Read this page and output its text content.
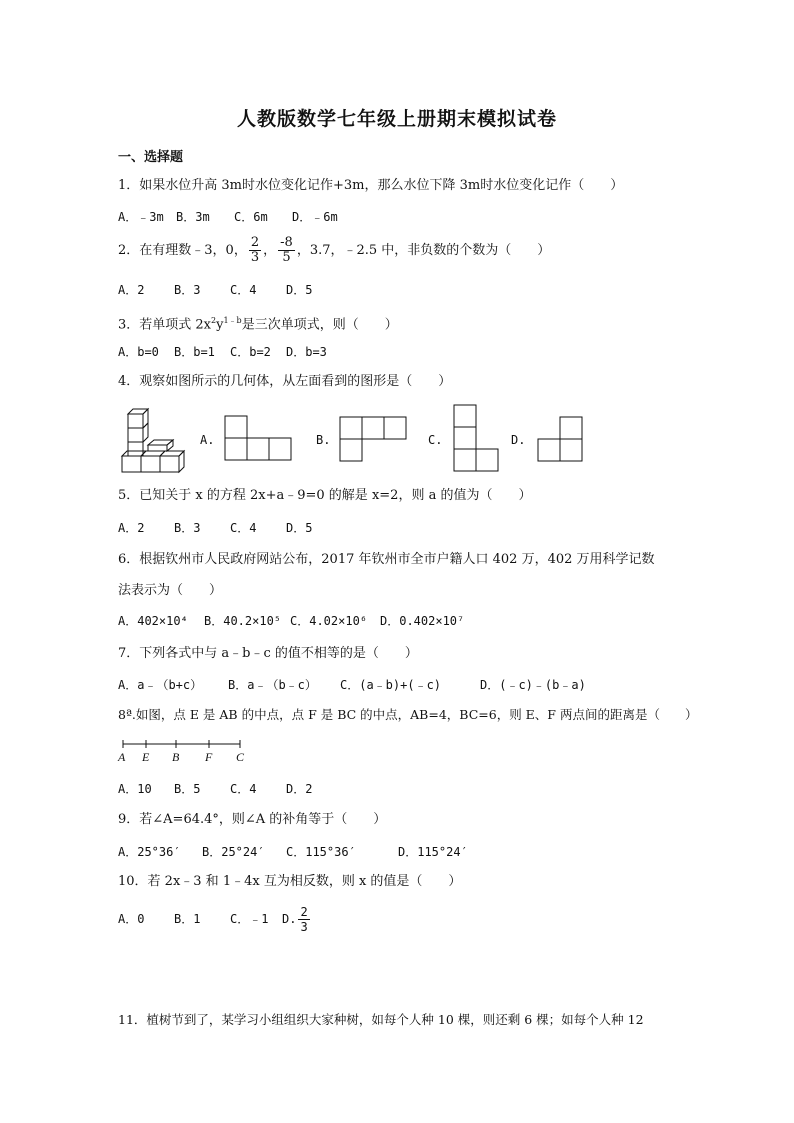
人教版数学七年级上册期末模拟试卷
一、选择题
1．如果水位升高 3m时水位变化记作+3m，那么水位下降 3m时水位变化记作（　　）
A．﹣3m B．3m C．6m D．﹣6m
2．在有理数﹣3，0， $\frac{2}{3}$ ， $\frac{-8}{5}$ ，3.7，﹣2.5 中，非负数的个数为（　　）
A．2 B．3 C．4 D．5
3．若单项式 $2x^2y^{1﹣b}$是三次单项式，则（　　）
A．b=0 B．b=1 C．b=2 D．b=3
4．观察如图所示的几何体，从左面看到的图形是（　　）
A.	B.	C.	D.
5．已知关于 x 的方程 2x+a﹣9=0 的解是 x=2，则 a 的值为（　　）
A．2 B．3 C．4 D．5
6．根据钦州市人民政府网站公布，2017 年钦州市全市户籍人口 402 万，402 万用科学记数
法表示为（　　）
A．402×10⁴ B．40.2×10⁵ C．4.02×10⁶ D．0.402×10⁷
7．下列各式中与 a﹣b﹣c 的值不相等的是（　　）
A．a﹣（b+c） B．a﹣（b﹣c） C．(a﹣b)+(﹣c)	D．(﹣c)﹣(b﹣a)
8ª.如图，点 E 是 AB 的中点，点 F 是 BC 的中点，AB=4，BC=6，则 E、F 两点间的距离是（　　）
A E B F C
A．10 B．5 C．4 D．2
9．若∠A=64.4°，则∠A 的补角等于（　　）
A．25°36′ B．25°24′ C．115°36′	D．115°24′
10．若 2x﹣3 和 1﹣4x 互为相反数，则 x 的值是（　　）
A．0 B．1 C．﹣1 D. $\frac{2}{3}$
11．植树节到了，某学习小组组织大家种树，如每个人种 10 棵，则还剩 6 棵；如每个人种 12
